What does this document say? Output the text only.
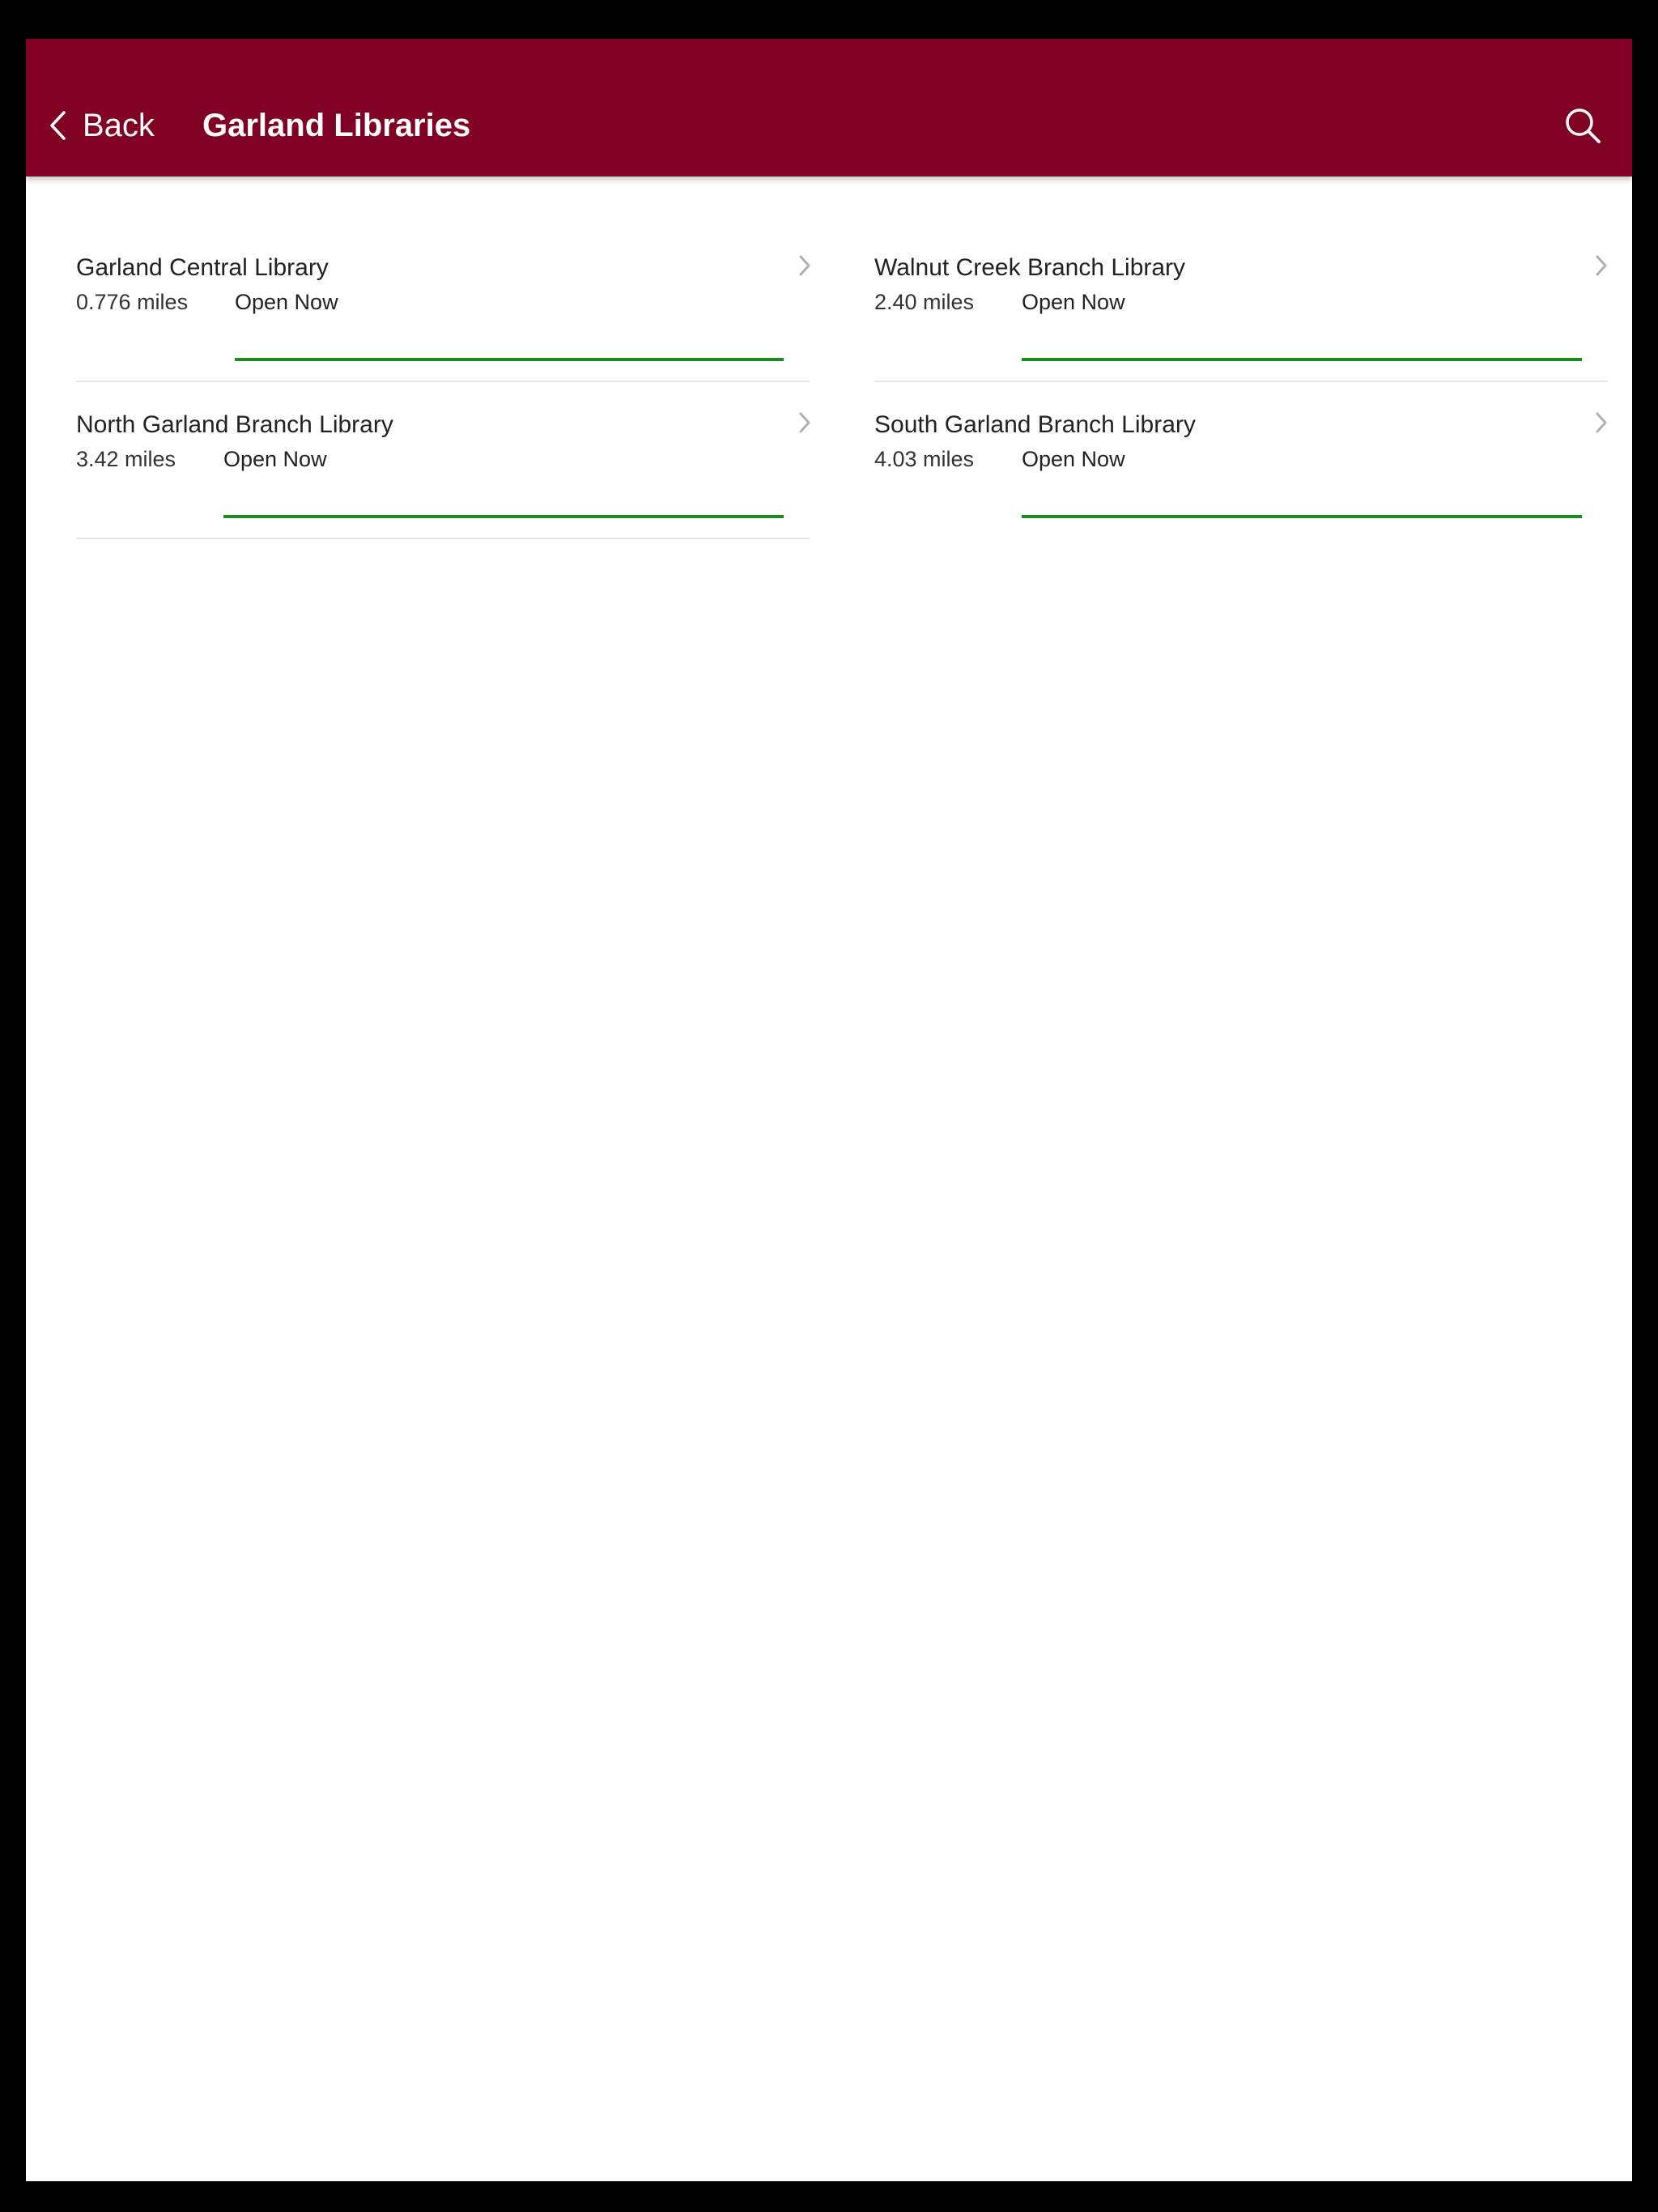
Back Garland Libraries
Garland Central Library
0.776 miles Open Now
Walnut Creek Branch Library
2.40 miles Open Now
North Garland Branch Library
3.42 miles Open Now
South Garland Branch Library
4.03 miles Open Now
